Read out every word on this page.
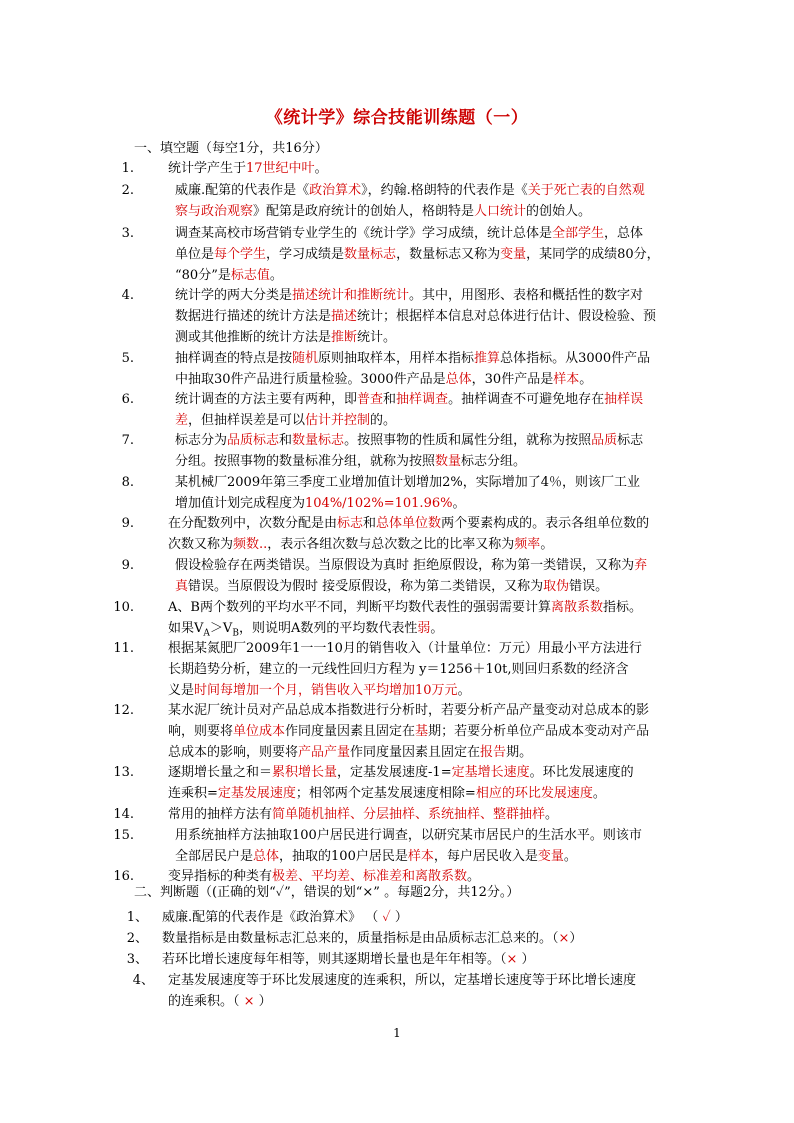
《统计学》综合技能训练题（一）
一、填空题（每空1分，共16分）
1.	统计学产生于17世纪中叶。
2.	威廉.配第的代表作是《政治算术》，约翰.格朗特的代表作是《关于死亡表的自然观
察与政治观察》配第是政府统计的创始人，格朗特是人口统计的创始人。
3.	调查某高校市场营销专业学生的《统计学》学习成绩，统计总体是全部学生，总体
单位是每个学生，学习成绩是数量标志，数量标志又称为变量，某同学的成绩80分，
“80分”是标志值。
4.	统计学的两大分类是描述统计和推断统计。其中，用图形、表格和概括性的数字对
数据进行描述的统计方法是描述统计；根据样本信息对总体进行估计、假设检验、预
测或其他推断的统计方法是推断统计。
5.	抽样调查的特点是按随机原则抽取样本，用样本指标推算总体指标。从3000件产品
中抽取30件产品进行质量检验。3000件产品是总体，30件产品是样本。
6.	统计调查的方法主要有两种，即普查和抽样调查。抽样调查不可避免地存在抽样误
差，但抽样误差是可以估计并控制的。
7.	标志分为品质标志和数量标志。按照事物的性质和属性分组，就称为按照品质标志
分组。按照事物的数量标准分组，就称为按照数量标志分组。
8.	某机械厂2009年第三季度工业增加值计划增加2%，实际增加了4％，则该厂工业
增加值计划完成程度为104%/102%=101.96%。
9.	在分配数列中，次数分配是由标志和总体单位数两个要素构成的。表示各组单位数的
次数又称为频数..，表示各组次数与总次数之比的比率又称为频率。
9.	假设检验存在两类错误。当原假设为真时 拒绝原假设，称为第一类错误，又称为弃
真错误。当原假设为假时 接受原假设，称为第二类错误，又称为取伪错误。
10.	A、B两个数列的平均水平不同，判断平均数代表性的强弱需要计算离散系数指标。
如果$V_A>V_B$，则说明A数列的平均数代表性弱。
11.	根据某氮肥厂2009年1一一10月的销售收入（计量单位：万元）用最小平方法进行
长期趋势分析，建立的一元线性回归方程为 y＝1256＋10t,则回归系数的经济含
义是时间每增加一个月，销售收入平均增加10万元。
12.	某水泥厂统计员对产品总成本指数进行分析时，若要分析产品产量变动对总成本的影
响，则要将单位成本作同度量因素且固定在基期；若要分析单位产品成本变动对产品
总成本的影响，则要将产品产量作同度量因素且固定在报告期。
13.	逐期增长量之和＝累积增长量，定基发展速度-1=定基增长速度。环比发展速度的
连乘积=定基发展速度；相邻两个定基发展速度相除=相应的环比发展速度。
14.	常用的抽样方法有简单随机抽样、分层抽样、系统抽样、整群抽样。
15.	用系统抽样方法抽取100户居民进行调查，以研究某市居民户的生活水平。则该市
全部居民户是总体，抽取的100户居民是样本，每户居民收入是变量。
16.	变异指标的种类有极差、平均差、标准差和离散系数。
二、判断题（(正确的划“✓”，错误的划“×” 。每题2分，共12分。）
1、 威廉.配第的代表作是《政治算术》 （ ✓ ）
2、 数量指标是由数量标志汇总来的，质量指标是由品质标志汇总来的。（×）
3、 若环比增长速度每年相等，则其逐期增长量也是年年相等。（× ）
4、 定基发展速度等于环比发展速度的连乘积，所以，定基增长速度等于环比增长速度
的连乘积。（ × ）
1
